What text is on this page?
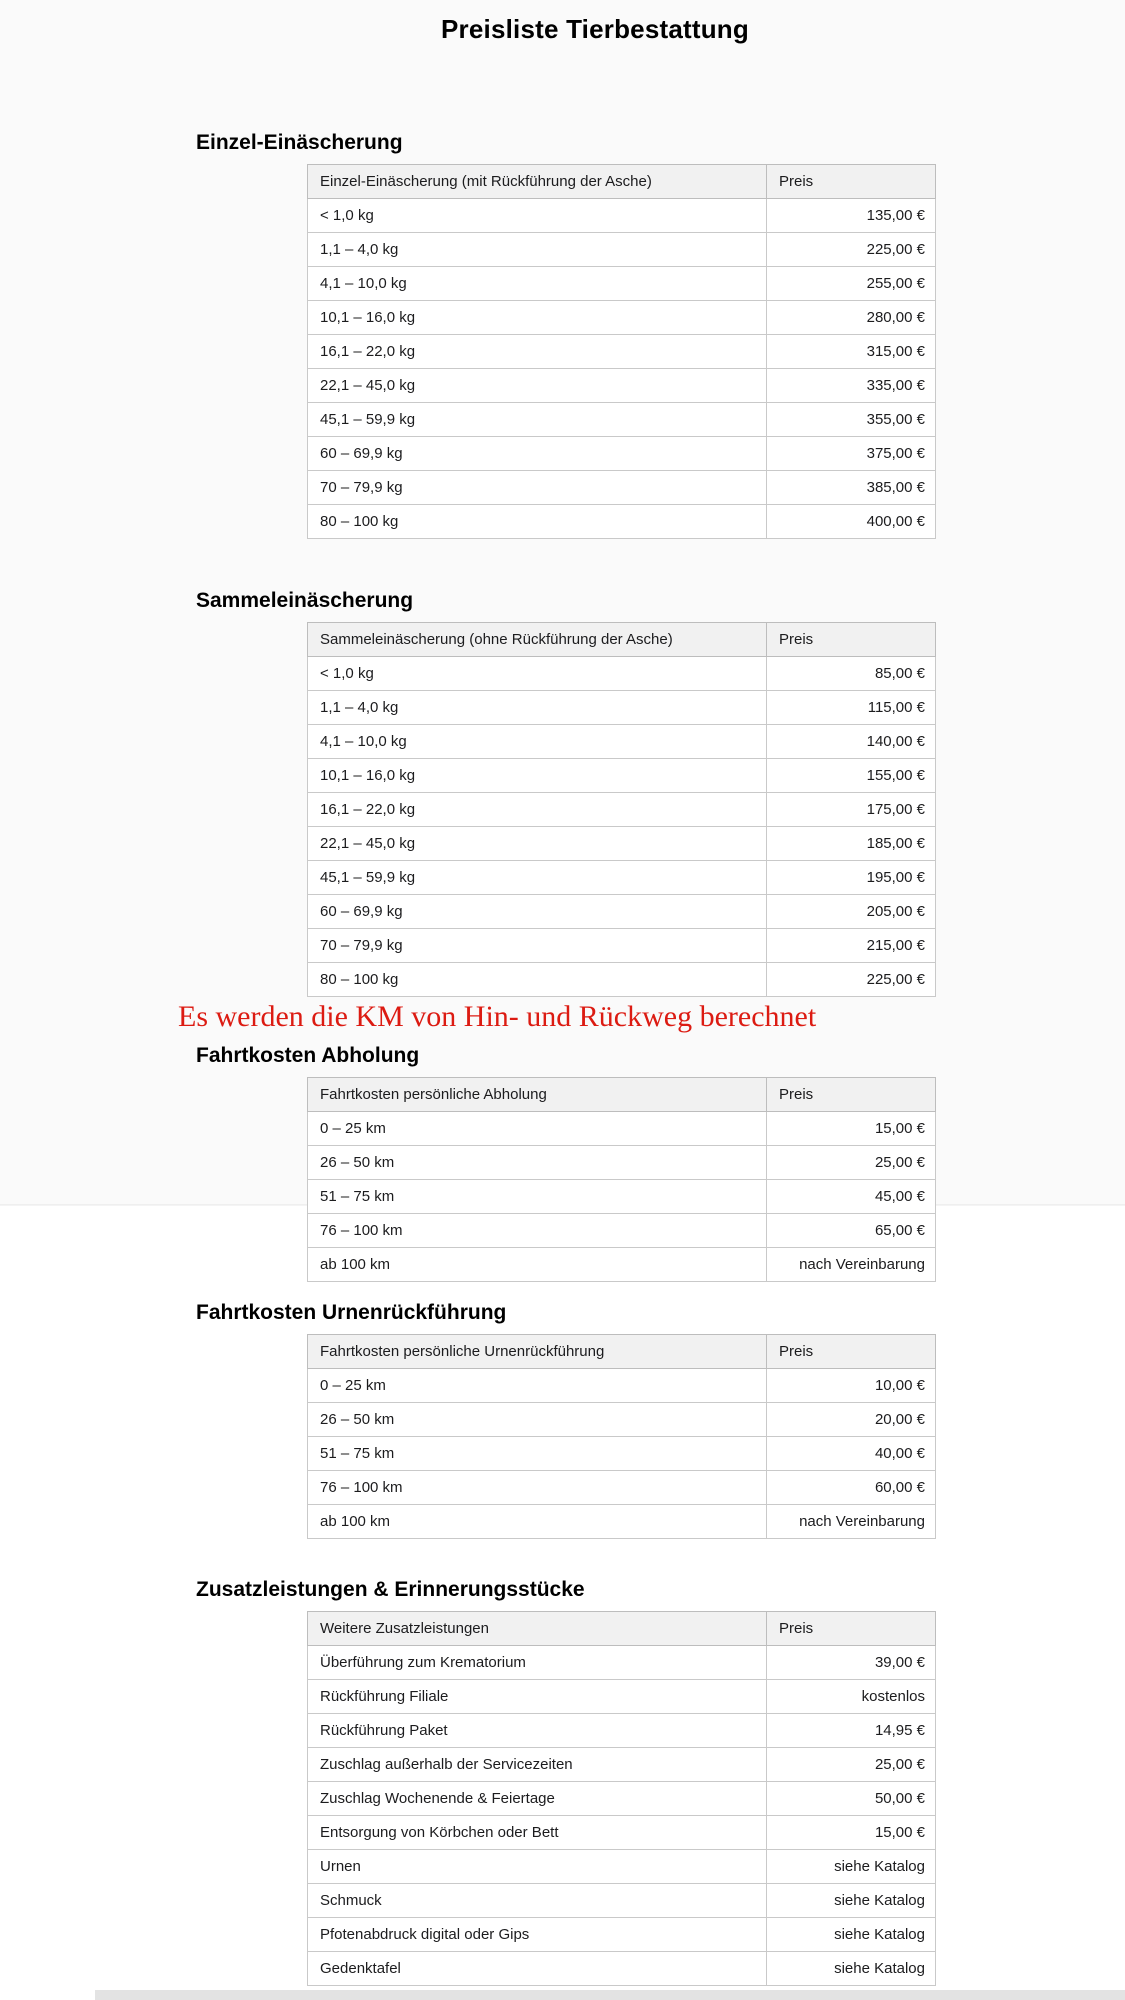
Preisliste Tierbestattung
Es werden die KM von Hin- und Rückweg berechnet
Einzel-Einäscherung
Einzel-Einäscherung (mit Rückführung der Asche)	Preis
< 1,0 kg	135,00 €
1,1 – 4,0 kg	225,00 €
4,1 – 10,0 kg	255,00 €
10,1 – 16,0 kg	280,00 €
16,1 – 22,0 kg	315,00 €
22,1 – 45,0 kg	335,00 €
45,1 – 59,9 kg	355,00 €
60 – 69,9 kg	375,00 €
70 – 79,9 kg	385,00 €
80 – 100 kg	400,00 €
Sammeleinäscherung
Sammeleinäscherung (ohne Rückführung der Asche)	Preis
< 1,0 kg	85,00 €
1,1 – 4,0 kg	115,00 €
4,1 – 10,0 kg	140,00 €
10,1 – 16,0 kg	155,00 €
16,1 – 22,0 kg	175,00 €
22,1 – 45,0 kg	185,00 €
45,1 – 59,9 kg	195,00 €
60 – 69,9 kg	205,00 €
70 – 79,9 kg	215,00 €
80 – 100 kg	225,00 €
Fahrtkosten Abholung
Fahrtkosten persönliche Abholung	Preis
0 – 25 km	15,00 €
26 – 50 km	25,00 €
51 – 75 km	45,00 €
76 – 100 km	65,00 €
ab 100 km	nach Vereinbarung
Fahrtkosten Urnenrückführung
Fahrtkosten persönliche Urnenrückführung	Preis
0 – 25 km	10,00 €
26 – 50 km	20,00 €
51 – 75 km	40,00 €
76 – 100 km	60,00 €
ab 100 km	nach Vereinbarung
Zusatzleistungen & Erinnerungsstücke
Weitere Zusatzleistungen	Preis
Überführung zum Krematorium	39,00 €
Rückführung Filiale	kostenlos
Rückführung Paket	14,95 €
Zuschlag außerhalb der Servicezeiten	25,00 €
Zuschlag Wochenende & Feiertage	50,00 €
Entsorgung von Körbchen oder Bett	15,00 €
Urnen	siehe Katalog
Schmuck	siehe Katalog
Pfotenabdruck digital oder Gips	siehe Katalog
Gedenktafel	siehe Katalog
